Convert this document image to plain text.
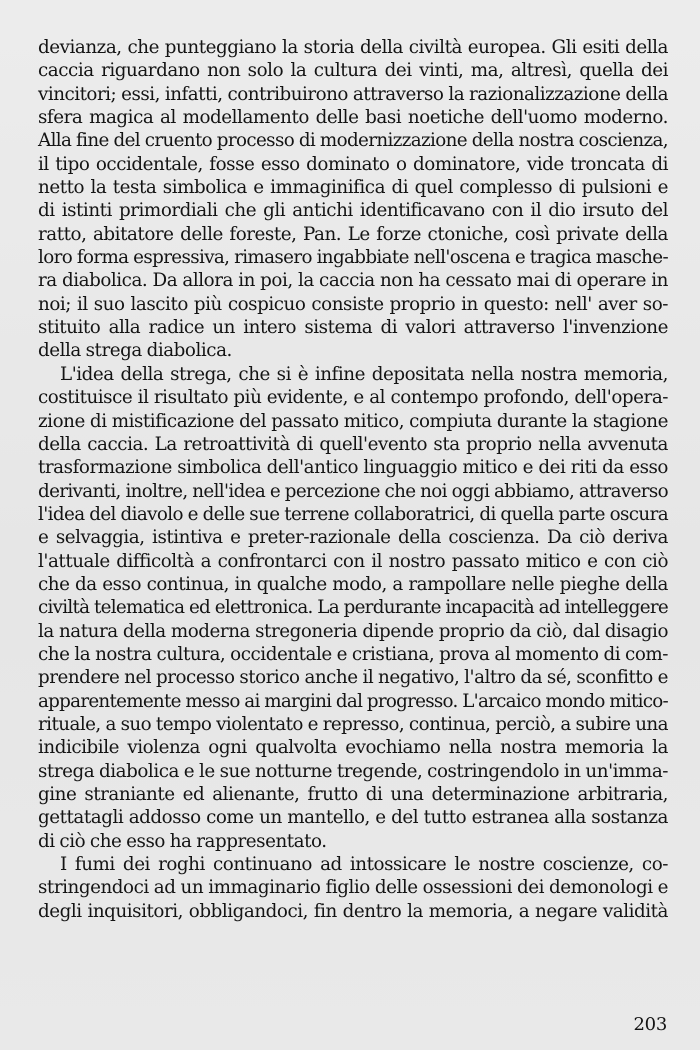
devianza, che punteggiano la storia della civiltà europea. Gli esiti della
caccia riguardano non solo la cultura dei vinti, ma, altresì, quella dei
vincitori; essi, infatti, contribuirono attraverso la razionalizzazione della
sfera magica al modellamento delle basi noetiche dell'uomo moderno.
Alla fine del cruento processo di modernizzazione della nostra coscienza,
il tipo occidentale, fosse esso dominato o dominatore, vide troncata di
netto la testa simbolica e immaginifica di quel complesso di pulsioni e
di istinti primordiali che gli antichi identificavano con il dio irsuto del
ratto, abitatore delle foreste, Pan. Le forze ctoniche, così private della
loro forma espressiva, rimasero ingabbiate nell'oscena e tragica masche-
ra diabolica. Da allora in poi, la caccia non ha cessato mai di operare in
noi; il suo lascito più cospicuo consiste proprio in questo: nell' aver so-
stituito alla radice un intero sistema di valori attraverso l'invenzione
della strega diabolica.
L'idea della strega, che si è infine depositata nella nostra memoria,
costituisce il risultato più evidente, e al contempo profondo, dell'opera-
zione di mistificazione del passato mitico, compiuta durante la stagione
della caccia. La retroattività di quell'evento sta proprio nella avvenuta
trasformazione simbolica dell'antico linguaggio mitico e dei riti da esso
derivanti, inoltre, nell'idea e percezione che noi oggi abbiamo, attraverso
l'idea del diavolo e delle sue terrene collaboratrici, di quella parte oscura
e selvaggia, istintiva e preter-razionale della coscienza. Da ciò deriva
l'attuale difficoltà a confrontarci con il nostro passato mitico e con ciò
che da esso continua, in qualche modo, a rampollare nelle pieghe della
civiltà telematica ed elettronica. La perdurante incapacità ad intelleggere
la natura della moderna stregoneria dipende proprio da ciò, dal disagio
che la nostra cultura, occidentale e cristiana, prova al momento di com-
prendere nel processo storico anche il negativo, l'altro da sé, sconfitto e
apparentemente messo ai margini dal progresso. L'arcaico mondo mitico-
rituale, a suo tempo violentato e represso, continua, perciò, a subire una
indicibile violenza ogni qualvolta evochiamo nella nostra memoria la
strega diabolica e le sue notturne tregende, costringendolo in un'imma-
gine straniante ed alienante, frutto di una determinazione arbitraria,
gettatagli addosso come un mantello, e del tutto estranea alla sostanza
di ciò che esso ha rappresentato.
I fumi dei roghi continuano ad intossicare le nostre coscienze, co-
stringendoci ad un immaginario figlio delle ossessioni dei demonologi e
degli inquisitori, obbligandoci, fin dentro la memoria, a negare validità
203
